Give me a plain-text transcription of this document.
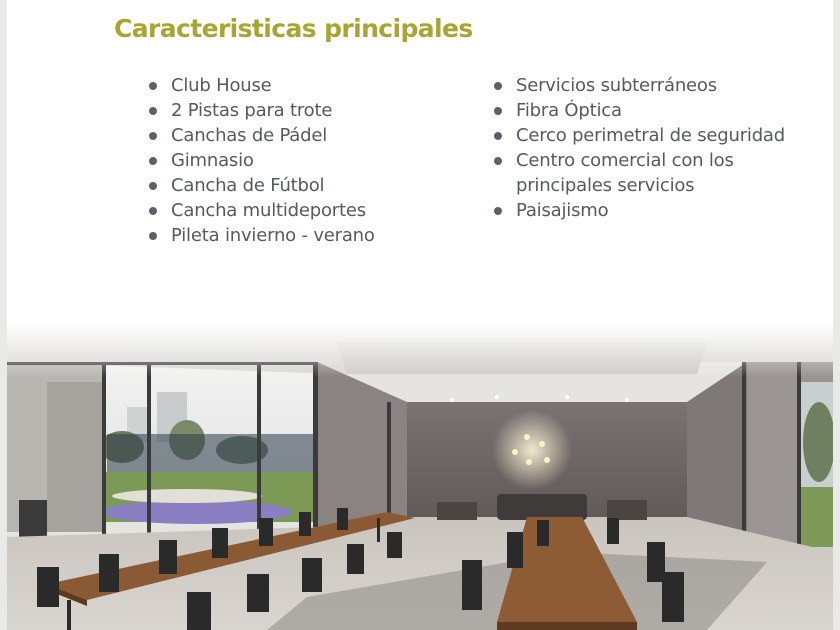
Caracteristicas principales
Club House
2 Pistas para trote
Canchas de Pádel
Gimnasio
Cancha de Fútbol
Cancha multideportes
Pileta invierno - verano
Servicios subterráneos
Fibra Óptica
Cerco perimetral de seguridad
Centro comercial con los principales servicios
Paisajismo
